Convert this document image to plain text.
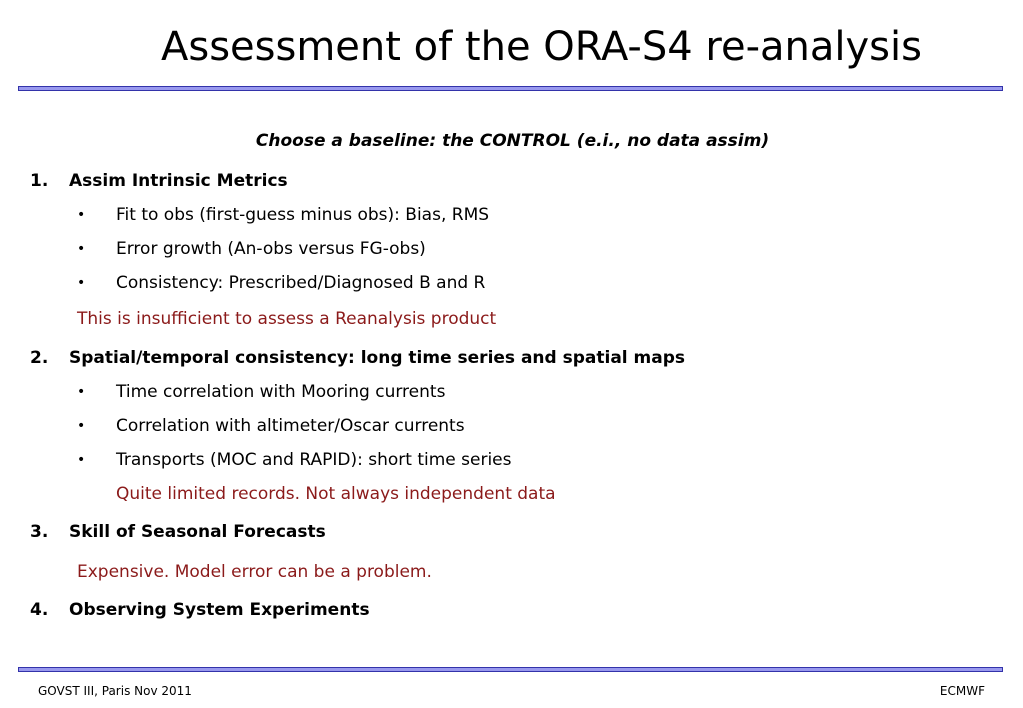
Assessment of the ORA-S4 re-analysis
Choose a baseline: the CONTROL (e.i., no data assim)
1. Assim Intrinsic Metrics
• Fit to obs (first-guess minus obs): Bias, RMS
• Error growth (An-obs versus FG-obs)
• Consistency: Prescribed/Diagnosed B and R
This is insufficient to assess a Reanalysis product
2. Spatial/temporal consistency: long time series and spatial maps
• Time correlation with Mooring currents
• Correlation with altimeter/Oscar currents
• Transports (MOC and RAPID): short time series
Quite limited records. Not always independent data
3. Skill of Seasonal Forecasts
Expensive. Model error can be a problem.
4. Observing System Experiments
GOVST III, Paris Nov 2011	ECMWF
